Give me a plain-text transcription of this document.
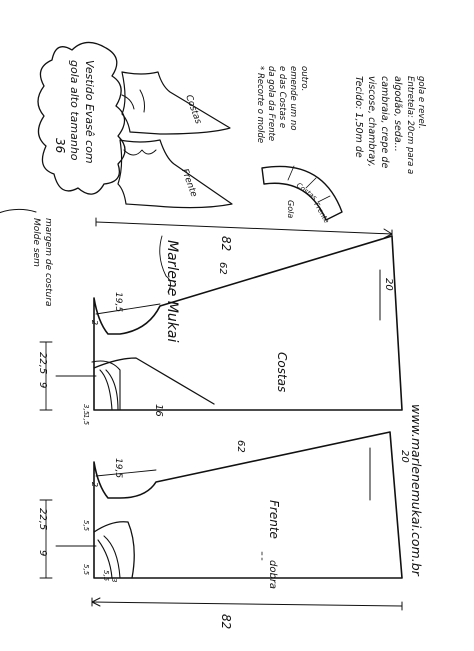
Vestido Evasê com
gola alto tamanho
36
Costas
Frente	Costas
Frente
Gola
Molde sem margem de costura
* Recorte o molde da gola da Frente e das Costas e emende um no outro.	Tecido: 1,50m de viscose, chambray, cambraia, crepe de algodão, seda... Entretela: 20cm para a gola e revel.
Marlene Mukai	82
62
20
16
19,5
2
22,5
9
3,5
1,5
Costas
62
20
19,5
2
22,5
9
5,5
5,5
5,5 3
Frente
dobra
82
www.marlenemukai.com.br
